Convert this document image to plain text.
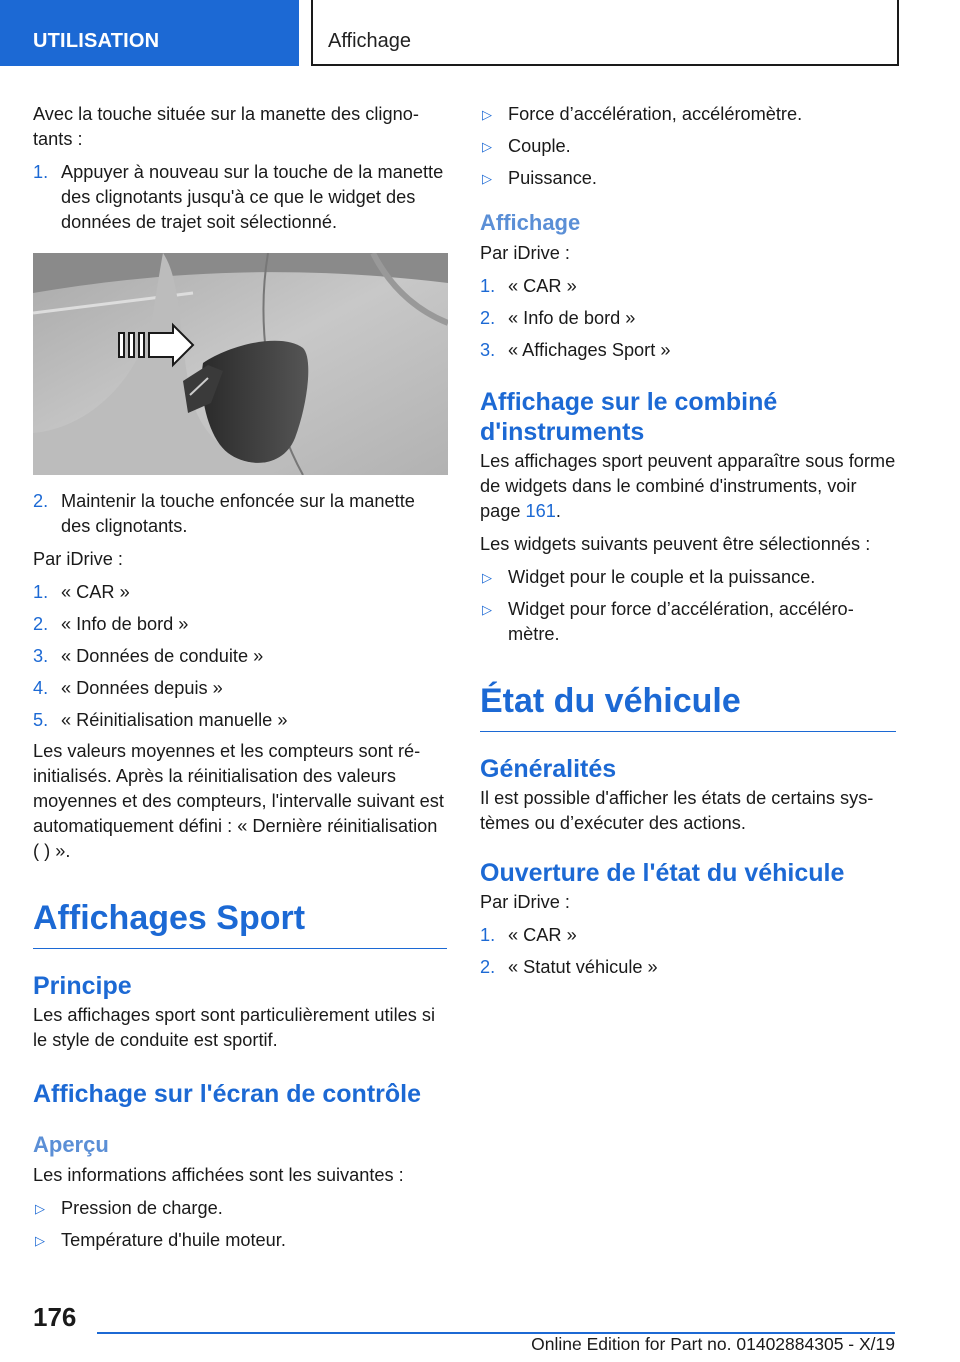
UTILISATION	Affichage

Avec la touche située sur la manette des clignotants :

1. Appuyer à nouveau sur la touche de la manette des clignotants jusqu'à ce que le widget des données de trajet soit sélectionné.
2. Maintenir la touche enfoncée sur la manette des clignotants.

Par iDrive :

1. « CAR »
2. « Info de bord »
3. « Données de conduite »
4. « Données depuis »
5. « Réinitialisation manuelle »

Les valeurs moyennes et les compteurs sont réinitialisés. Après la réinitialisation des valeurs moyennes et des compteurs, l'intervalle suivant est automatiquement défini : « Dernière réinitialisation ( ) ».

Affichages Sport
Principe

Les affichages sport sont particulièrement utiles si le style de conduite est sportif.

Affichage sur l'écran de contrôle
Aperçu

Les informations affichées sont les suivantes :

▷ Pression de charge.
▷ Température d'huile moteur.
▷ Force d’accélération, accéléromètre.
▷ Couple.
▷ Puissance.
Affichage

Par iDrive :

1. « CAR »
2. « Info de bord »
3. « Affichages Sport »
Affichage sur le combiné d'instruments

Les affichages sport peuvent apparaître sous forme de widgets dans le combiné d'instruments, voir page 161.

Les widgets suivants peuvent être sélectionnés :

▷ Widget pour le couple et la puissance.
▷ Widget pour force d’accélération, accéléromètre.
État du véhicule
Généralités

Il est possible d'afficher les états de certains systèmes ou d’exécuter des actions.

Ouverture de l'état du véhicule

Par iDrive :

1. « CAR »
2. « Statut véhicule »
176
Online Edition for Part no. 01402884305 - X/19
